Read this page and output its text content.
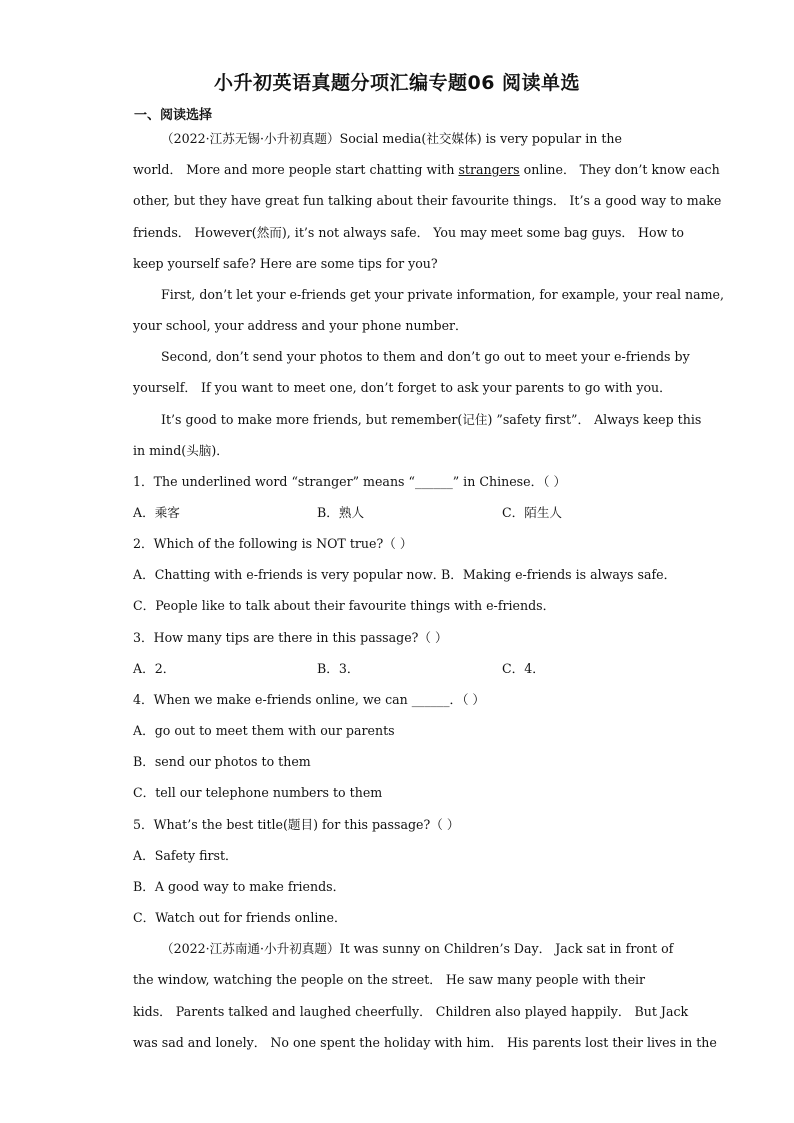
小升初英语真题分项汇编专题06 阅读单选
一、阅读选择
（2022·江苏无锡·小升初真题）Social media(社交媒体) is very popular in the
world． More and more people start chatting with strangers online． They don’t know each
other, but they have great fun talking about their favourite things． It’s a good way to make
friends． However(然而), it’s not always safe． You may meet some bag guys． How to
keep yourself safe? Here are some tips for you?
First, don’t let your e-friends get your private information, for example, your real name,
your school, your address and your phone number．
Second, don’t send your photos to them and don’t go out to meet your e-friends by
yourself． If you want to meet one, don’t forget to ask your parents to go with you．
It’s good to make more friends, but remember(记住) ”safety first”． Always keep this
in mind(头脑)．
1．The underlined word “stranger” means “______” in Chinese．（ ）
A．乘客	B．熟人	C．陌生人
2．Which of the following is NOT true?（ ）
A．Chatting with e-friends is very popular now．
B．Making e-friends is always safe．
C．People like to talk about their favourite things with e-friends．
3．How many tips are there in this passage?（ ）
A．2．	B．3．	C．4．
4．When we make e-friends online, we can ______．（ ）
A．go out to meet them with our parents
B．send our photos to them
C．tell our telephone numbers to them
5．What’s the best title(题目) for this passage?（ ）
A．Safety first．
B．A good way to make friends．
C．Watch out for friends online．
（2022·江苏南通·小升初真题）It was sunny on Children’s Day． Jack sat in front of
the window, watching the people on the street． He saw many people with their
kids． Parents talked and laughed cheerfully． Children also played happily． But Jack
was sad and lonely． No one spent the holiday with him． His parents lost their lives in the
